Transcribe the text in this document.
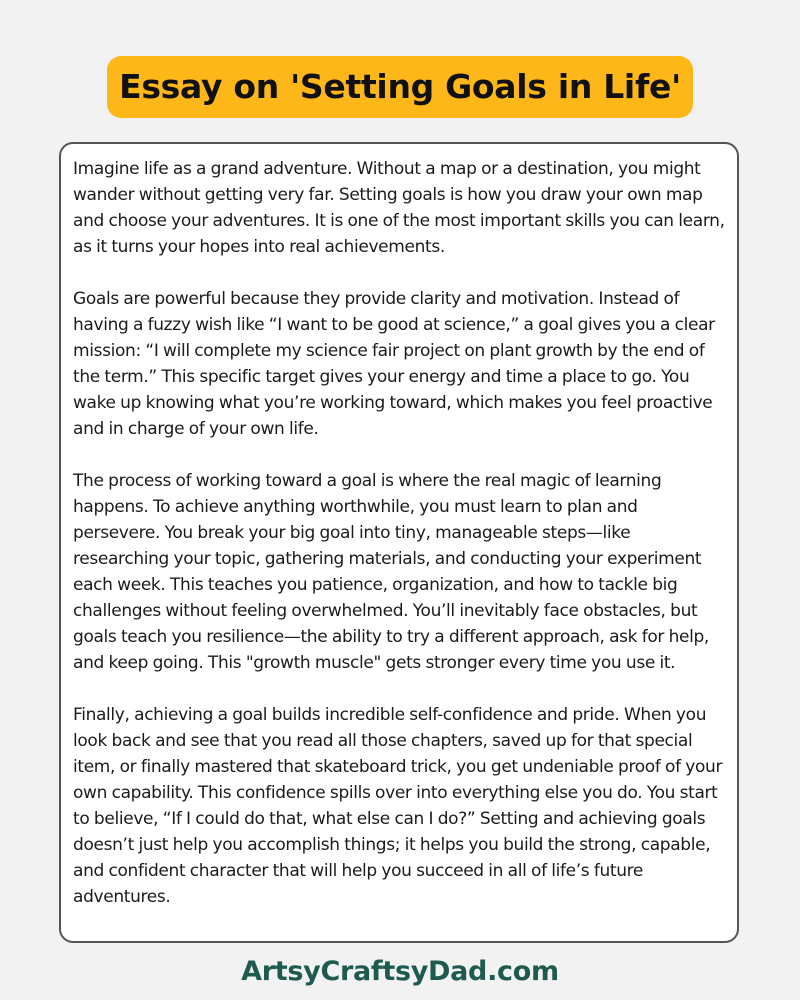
Essay on 'Setting Goals in Life'

Imagine life as a grand adventure. Without a map or a destination, you might wander without getting very far. Setting goals is how you draw your own map and choose your adventures. It is one of the most important skills you can learn, as it turns your hopes into real achievements.

Goals are powerful because they provide clarity and motivation. Instead of having a fuzzy wish like “I want to be good at science,” a goal gives you a clear mission: “I will complete my science fair project on plant growth by the end of the term.” This specific target gives your energy and time a place to go. You wake up knowing what you’re working toward, which makes you feel proactive and in charge of your own life.

The process of working toward a goal is where the real magic of learning happens. To achieve anything worthwhile, you must learn to plan and persevere. You break your big goal into tiny, manageable steps—like researching your topic, gathering materials, and conducting your experiment each week. This teaches you patience, organization, and how to tackle big challenges without feeling overwhelmed. You’ll inevitably face obstacles, but goals teach you resilience—the ability to try a different approach, ask for help, and keep going. This "growth muscle" gets stronger every time you use it.

Finally, achieving a goal builds incredible self-confidence and pride. When you look back and see that you read all those chapters, saved up for that special item, or finally mastered that skateboard trick, you get undeniable proof of your own capability. This confidence spills over into everything else you do. You start to believe, “If I could do that, what else can I do?” Setting and achieving goals doesn’t just help you accomplish things; it helps you build the strong, capable, and confident character that will help you succeed in all of life’s future adventures.

ArtsyCraftsyDad.com
